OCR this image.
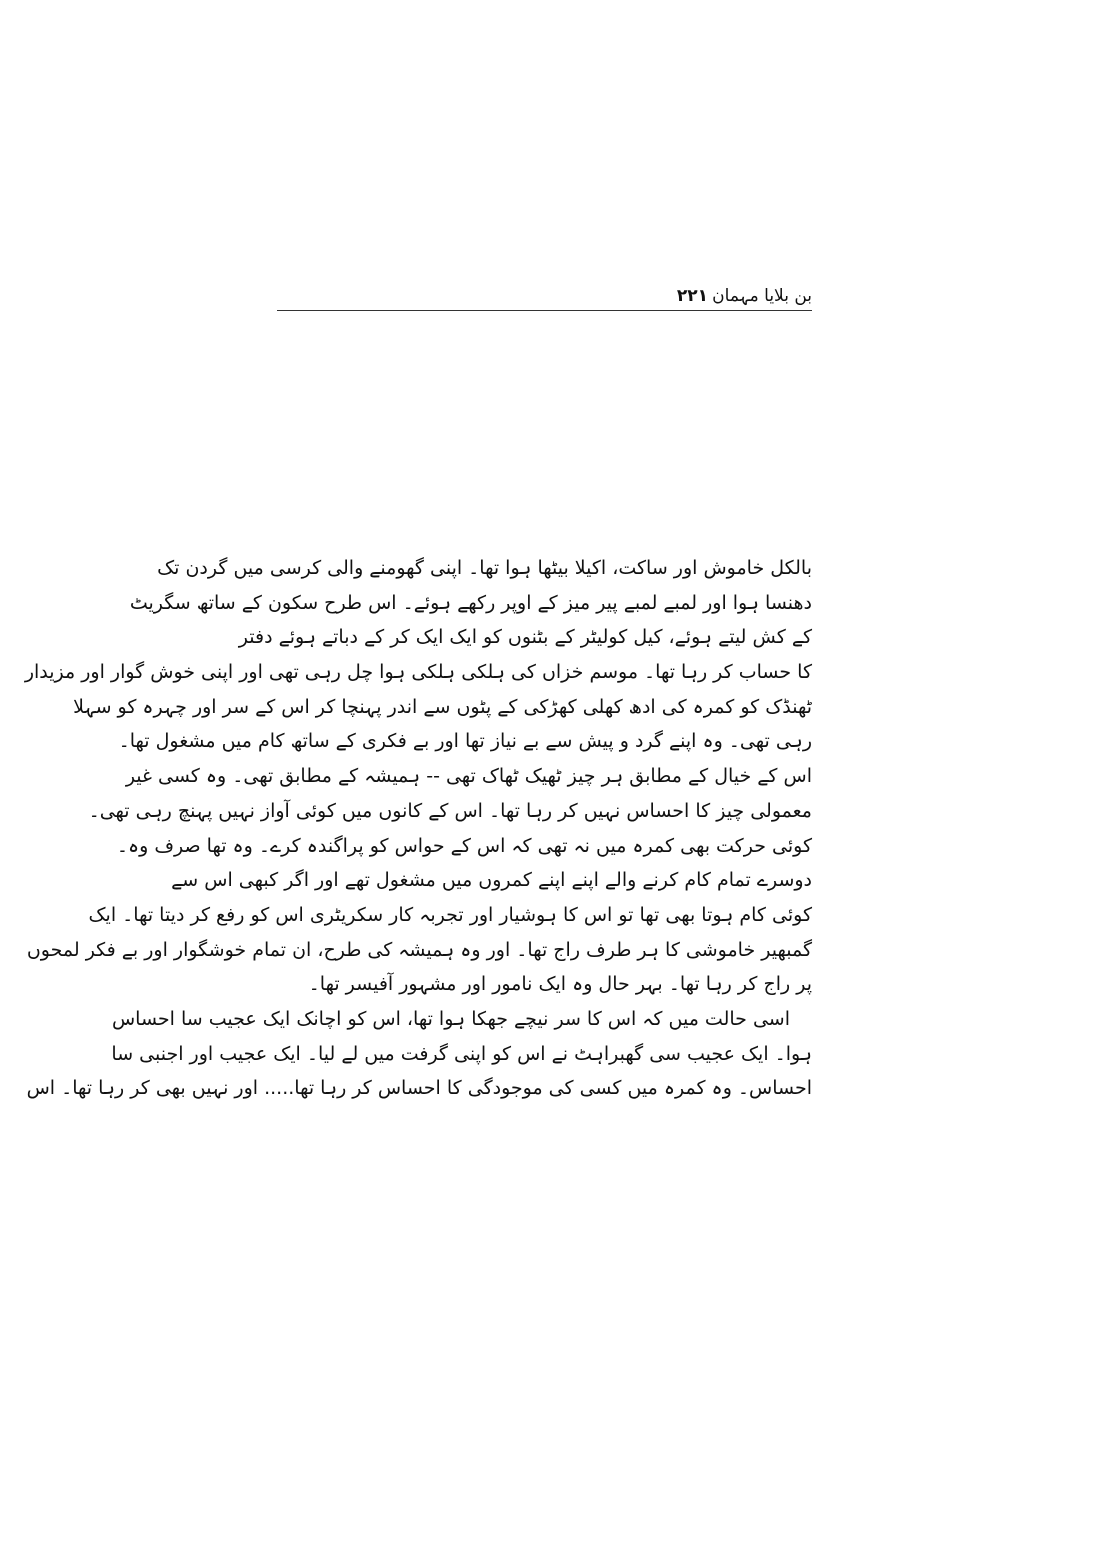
بن بلایا مہمان
۲۲۱
بالکل خاموش اور ساکت، اکیلا بیٹھا ہوا تھا۔ اپنی گھومنے والی کرسی میں گردن تک
دھنسا ہوا اور لمبے لمبے پیر میز کے اوپر رکھے ہوئے۔ اس طرح سکون کے ساتھ سگریٹ
کے کش لیتے ہوئے، کیل کولیٹر کے بٹنوں کو ایک ایک کر کے دباتے ہوئے دفتر
کا حساب کر رہا تھا۔ موسم خزاں کی ہلکی ہلکی ہوا چل رہی تھی اور اپنی خوش گوار اور مزیدار
ٹھنڈک کو کمرہ کی ادھ کھلی کھڑکی کے پٹوں سے اندر پہنچا کر اس کے سر اور چہرہ کو سہلا
رہی تھی۔ وہ اپنے گرد و پیش سے بے نیاز تھا اور بے فکری کے ساتھ کام میں مشغول تھا۔
اس کے خیال کے مطابق ہر چیز ٹھیک ٹھاک تھی -- ہمیشہ کے مطابق تھی۔ وہ کسی غیر
معمولی چیز کا احساس نہیں کر رہا تھا۔ اس کے کانوں میں کوئی آواز نہیں پہنچ رہی تھی۔
کوئی حرکت بھی کمرہ میں نہ تھی کہ اس کے حواس کو پراگندہ کرے۔ وہ تھا صرف وہ۔
دوسرے تمام کام کرنے والے اپنے اپنے کمروں میں مشغول تھے اور اگر کبھی اس سے
کوئی کام ہوتا بھی تھا تو اس کا ہوشیار اور تجربہ کار سکریٹری اس کو رفع کر دیتا تھا۔ ایک
گمبھیر خاموشی کا ہر طرف راج تھا۔ اور وہ ہمیشہ کی طرح، ان تمام خوشگوار اور بے فکر لمحوں
پر راج کر رہا تھا۔ بہر حال وہ ایک نامور اور مشہور آفیسر تھا۔
اسی حالت میں کہ اس کا سر نیچے جھکا ہوا تھا، اس کو اچانک ایک عجیب سا احساس
ہوا۔ ایک عجیب سی گھبراہٹ نے اس کو اپنی گرفت میں لے لیا۔ ایک عجیب اور اجنبی سا
احساس۔ وہ کمرہ میں کسی کی موجودگی کا احساس کر رہا تھا..... اور نہیں بھی کر رہا تھا۔ اس
